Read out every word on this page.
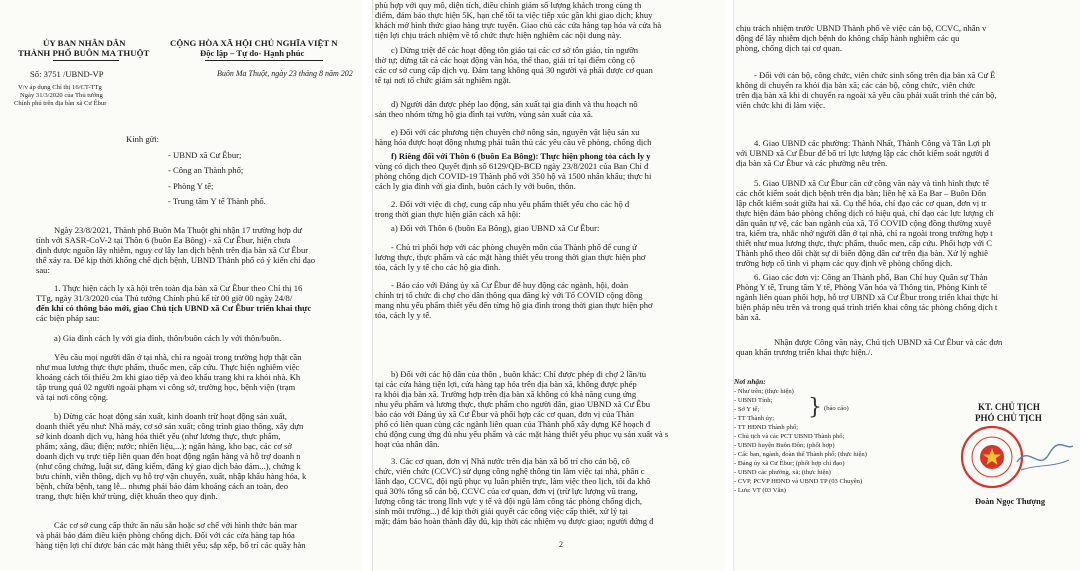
ỦY BAN NHÂN DÂN
THÀNH PHỐ BUÔN MA THUỘT
CỘNG HÒA XÃ HỘI CHỦ NGHĨA VIỆT N
Độc lập – Tự do- Hạnh phúc
Số: 3751 /UBND-VP
V/v áp dụng Chỉ thị 16/CT-TTg
Ngày 31/3/2020 của Thủ tướng
Chính phủ trên địa bàn xã Cư Êbur
Buôn Ma Thuột, ngày 23 tháng 8 năm 202
Kính gửi:
- UBND xã Cư Êbur;
- Công an Thành phố;
- Phòng Y tế;
- Trung tâm Y tế Thành phố.
Ngày 23/8/2021, Thành phố Buôn Ma Thuột ghi nhận 17 trường hợp dư
tính với SASR-CoV-2 tại Thôn 6 (buôn Ea Bông) - xã Cư Êbur, hiện chưa
định được nguồn lây nhiễm, nguy cơ lây lan dịch bệnh trên địa bàn xã Cư Êbur
thể xảy ra. Để kịp thời khống chế dịch bệnh, UBND Thành phố có ý kiến chỉ đạo
sau:
1. Thực hiện cách ly xã hội trên toàn địa bàn xã Cư Êbur theo Chỉ thị 16
TTg, ngày 31/3/2020 của Thủ tướng Chính phủ kể từ 00 giờ 00 ngày 24/8/
đến khi có thông báo mới, giao Chủ tịch UBND xã Cư Êbur triển khai thực
các biện pháp sau:
a) Gia đình cách ly với gia đình, thôn/buôn cách ly với thôn/buôn.
Yêu cầu mọi người dân ở tại nhà, chỉ ra ngoài trong trường hợp thật cần
như mua lương thực thực phẩm, thuốc men, cấp cứu. Thực hiện nghiêm việc
khoảng cách tối thiểu 2m khi giao tiếp và đeo khẩu trang khi ra khỏi nhà. Kh
tập trung quá 02 người ngoài phạm vi công sở, trường học, bệnh viện (trạm
và tại nơi công cộng.
b) Dừng các hoạt động sản xuất, kinh doanh trừ hoạt động sản xuất,
doanh thiết yếu như: Nhà máy, cơ sở sản xuất; công trình giao thông, xây dựn
sở kinh doanh dịch vụ, hàng hóa thiết yếu (như lương thực, thực phẩm,
phẩm; xăng, dầu; điện; nước; nhiên liệu,...); ngân hàng, kho bạc, các cơ sở
doanh dịch vụ trực tiếp liên quan đến hoạt động ngân hàng và hỗ trợ doanh n
(như công chứng, luật sư, đăng kiểm, đăng ký giao dịch bảo đảm...), chứng k
bưu chính, viễn thông, dịch vụ hỗ trợ vận chuyển, xuất, nhập khẩu hàng hóa, k
bệnh, chữa bệnh, tang lễ... nhưng phải bảo đảm khoảng cách an toàn, đeo
trang, thực hiện khử trùng, diệt khuẩn theo quy định.
Các cơ sở cung cấp thức ăn nấu sẵn hoặc sơ chế với hình thức bán mar
và phải bảo đảm điều kiện phòng chống dịch. Đối với các cửa hàng tạp hóa
hàng tiện lợi chỉ được bán các mặt hàng thiết yếu; sắp xếp, bố trí các quầy hàn
phù hợp với quy mô, diện tích, điều chỉnh giảm số lượng khách trong cùng th
điểm, đảm bảo thực hiện 5K, hạn chế tối ta việc tiếp xúc gần khi giao dịch; khuy
khách mở hình thức giao hàng trực tuyến. Giao chủ các cửa hàng tạp hóa và cửa hà
tiện lợi chịu trách nhiệm về tổ chức thực hiện nghiêm các nội dung này.
c) Dừng triệt để các hoạt động tôn giáo tại các cơ sở tôn giáo, tín ngưỡn
thờ tự; dừng tất cả các hoạt động văn hóa, thể thao, giải trí tại điểm công cộ
các cơ sở cung cấp dịch vụ. Đám tang không quá 30 người và phải được cơ quan
tế tại nơi tổ chức giám sát nghiêm ngặt.
d) Người dân được phép lao động, sản xuất tại gia đình và thu hoạch nô
sản theo nhóm từng hộ gia đình tại vườn, vùng sản xuất của xã.
e) Đối với các phương tiện chuyên chở nông sản, nguyên vật liệu sản xu
hàng hóa được hoạt động nhưng phải tuân thủ các yêu cầu về phòng, chống dịch
f) Riêng đối với Thôn 6 (buôn Ea Bông): Thực hiện phong tỏa cách ly y
vùng có dịch theo Quyết định số 6129/QĐ-BCĐ ngày 23/8/2021 của Ban Chỉ đ
phòng chống dịch COVID-19 Thành phố với 350 hộ và 1500 nhân khẩu; thực hi
cách ly gia đình với gia đình, buôn cách ly với buôn, thôn.
2. Đối với việc đi chợ, cung cấp nhu yếu phẩm thiết yếu cho các hộ d
trong thời gian thực hiện giãn cách xã hội:
a) Đối với Thôn 6 (buôn Ea Bông), giao UBND xã Cư Êbur:
- Chủ trì phối hợp với các phòng chuyên môn của Thành phố để cung ứ
lương thực, thực phẩm và các mặt hàng thiết yếu trong thời gian thực hiện phơ
tỏa, cách ly y tế cho các hộ gia đình.
- Báo cáo với Đảng ủy xã Cư Êbur để huy động các ngành, hội, đoàn
chính trị tổ chức đi chợ cho dân thông qua đăng ký với Tổ COVID cộng đồng
mang nhu yếu phẩm thiết yếu đến từng hộ gia đình trong thời gian thực hiện phơ
tỏa, cách ly y tế.
b) Đối với các hộ dân của thôn , buôn khác: Chỉ được phép đi chợ 2 lần/tu
tại các cửa hàng tiện lợi, cửa hàng tạp hóa trên địa bàn xã, không được phép
ra khỏi địa bàn xã. Trường hợp trên địa bàn xã không có khả năng cung ứng
nhu yếu phẩm và lương thực, thực phẩm cho người dân, giao UBND xã Cư Êbu
báo cáo với Đảng ủy xã Cư Êbur và phối hợp các cơ quan, đơn vị của Thàn
phố có liên quan cùng các ngành liên quan của Thành phố xây dựng Kế hoạch đ
chủ động cung ứng đủ nhu yếu phẩm và các mặt hàng thiết yếu phục vụ sản xuất và s
hoạt của nhân dân.
3. Các cơ quan, đơn vị Nhà nước trên địa bàn xã bố trí cho cán bộ, cô
chức, viên chức (CCVC) sử dụng công nghệ thông tin làm việc tại nhà, phân c
lãnh đạo, CCVC, đội ngũ phục vụ luân phiên trực, làm việc theo lịch, tối đa khô
quá 30% tổng số cán bộ, CCVC của cơ quan, đơn vị (trừ lực lượng vũ trang,
lượng công tác trong lĩnh vực y tế và đội ngũ làm công tác phòng chống dịch,
sinh môi trường...) để kịp thời giải quyết các công việc cấp thiết, xử lý tại
mặt; đảm bảo hoàn thành đầy đủ, kịp thời các nhiệm vụ được giao; người đứng đ
2
chịu trách nhiệm trước UBND Thành phố về việc cán bộ, CCVC, nhân v
động để lây nhiễm dịch bệnh do không chấp hành nghiêm các qu
phòng, chống dịch tại cơ quan.
- Đối với cán bộ, công chức, viên chức sinh sống trên địa bàn xã Cư Ê
không di chuyển ra khỏi địa bàn xã; các cán bộ, công chức, viên chức
trên địa bàn xã khi di chuyển ra ngoài xã yêu cầu phải xuất trình thẻ cán bộ,
viên chức khi đi làm việc.
4. Giao UBND các phường: Thành Nhất, Thành Công và Tân Lợi ph
với UBND xã Cư Êbur để bố trí lực lượng lập các chốt kiểm soát người đ
địa bàn xã Cư Êbur và các phường nêu trên.
5. Giao UBND xã Cư Êbur căn cứ công văn này và tình hình thực tế
các chốt kiểm soát dịch bệnh trên địa bàn; liên hệ xã Ea Bar – Buôn Đôn
lập chốt kiểm soát giữa hai xã. Cụ thể hóa, chỉ đạo các cơ quan, đơn vị tr
thực hiện đảm bảo phòng chống dịch có hiệu quả, chỉ đạo các lực lượng ch
dân quân tự vệ, các ban ngành của xã, Tổ COVID cộng đồng thường xuyê
tra, kiểm tra, nhắc nhở người dân ở tại nhà, chỉ ra ngoài trong trường hợp t
thiết như mua lương thực, thực phẩm, thuốc men, cấp cứu. Phối hợp với C
Thành phố theo dõi chặt sự di biến động dân cư trên địa bàn. Xử lý nghiê
trường hợp cố tình vi phạm các quy định về phòng chống dịch.
6. Giao các đơn vị: Công an Thành phố, Ban Chỉ huy Quân sự Thàn
Phòng Y tế, Trung tâm Y tế, Phòng Văn hóa và Thông tin, Phòng Kinh tế
ngành liên quan phối hợp, hỗ trợ UBND xã Cư Êbur trong triển khai thực hi
biện pháp nêu trên và trong quá trình triển khai công tác phòng chống dịch t
bàn xã.
Nhận được Công văn này, Chủ tịch UBND xã Cư Êbur và các đơn
quan khẩn trương triển khai thực hiện./.
Nơi nhận:
- Như trên; (thực hiện)
- UBND Tỉnh;
- Sở Y tế;
- TT Thành ủy;
- TT HĐND Thành phố;
- Chủ tịch và các PCT UBND Thành phố;
- UBND huyện Buôn Đôn; (phối hợp)
- Các ban, ngành, đoàn thể Thành phố; (thực hiện)
- Đảng ủy xã Cư Êbur; (phối hợp chỉ đạo)
- UBND các phường, xã; (thực hiện)
- CVP, PCVP HĐND và UBND TP (03 Chuyên)
- Lưu: VT (03 Văn)
} (báo cáo)	KT. CHỦ TỊCH
PHÓ CHỦ TỊCH
Đoàn Ngọc Thượng
